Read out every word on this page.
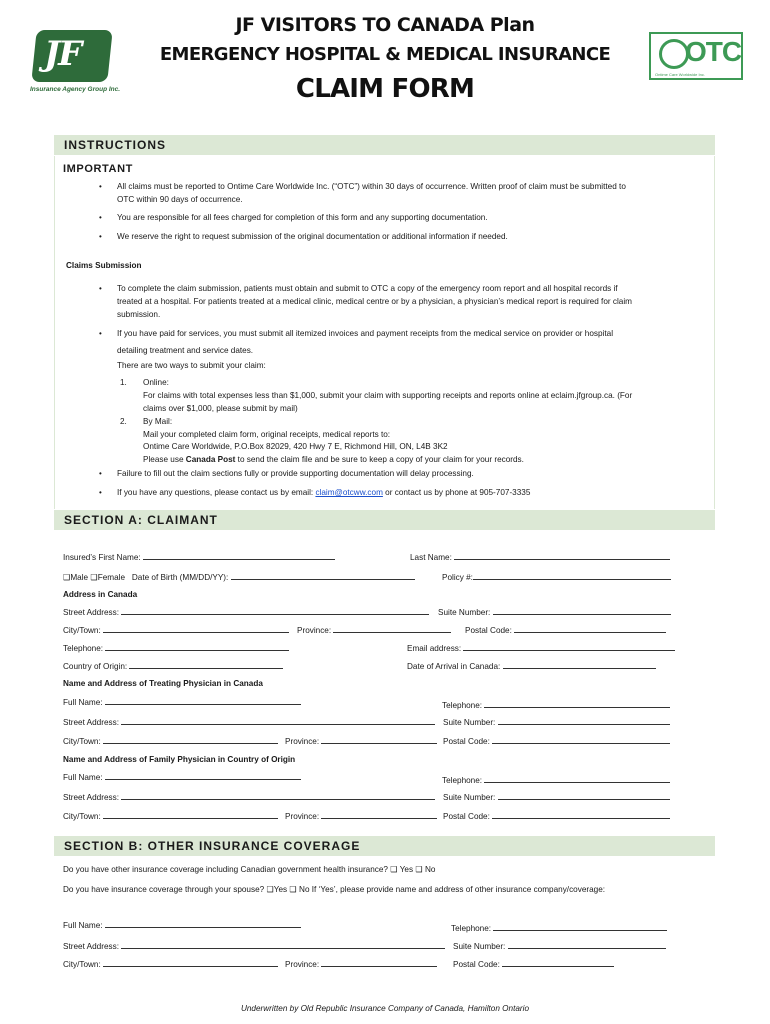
JF
Insurance Agency Group Inc.
JF VISITORS TO CANADA Plan
EMERGENCY HOSPITAL & MEDICAL INSURANCE
CLAIM FORM
OTC
Ontime Care Worldwide Inc.
INSTRUCTIONS
IMPORTANT
• All claims must be reported to Ontime Care Worldwide Inc. (“OTC”) within 30 days of occurrence. Written proof of claim must be submitted to
OTC within 90 days of occurrence.
• You are responsible for all fees charged for completion of this form and any supporting documentation.
• We reserve the right to request submission of the original documentation or additional information if needed.
Claims Submission
• To complete the claim submission, patients must obtain and submit to OTC a copy of the emergency room report and all hospital records if
treated at a hospital. For patients treated at a medical clinic, medical centre or by a physician, a physician’s medical report is required for claim
submission.
• If you have paid for services, you must submit all itemized invoices and payment receipts from the medical service on provider or hospital
detailing treatment and service dates.
There are two ways to submit your claim:
1. Online:
For claims with total expenses less than $1,000, submit your claim with supporting receipts and reports online at eclaim.jfgroup.ca. (For
claims over $1,000, please submit by mail)
2. By Mail:
Mail your completed claim form, original receipts, medical reports to:
Ontime Care Worldwide, P.O.Box 82029, 420 Hwy 7 E, Richmond Hill, ON, L4B 3K2
Please use Canada Post to send the claim file and be sure to keep a copy of your claim for your records.
• Failure to fill out the claim sections fully or provide supporting documentation will delay processing.
• If you have any questions, please contact us by email: claim@otcww.com or contact us by phone at 905-707-3335
SECTION A: CLAIMANT
Insured’s First Name:	Last Name:
❑Male ❑Female Date of Birth (MM/DD/YY):	Policy #:
Address in Canada
Street Address:	Suite Number:
City/Town:	Province:	Postal Code:
Telephone:	Email address:
Country of Origin:	Date of Arrival in Canada:
Name and Address of Treating Physician in Canada
Full Name:	Telephone:
Street Address:	Suite Number:
City/Town:	Province:	Postal Code:
Name and Address of Family Physician in Country of Origin
Full Name:	Telephone:
Street Address:	Suite Number:
City/Town:	Province:	Postal Code:
SECTION B: OTHER INSURANCE COVERAGE
Do you have other insurance coverage including Canadian government health insurance? ❑ Yes ❑ No
Do you have insurance coverage through your spouse? ❑Yes ❑ No If ‘Yes’, please provide name and address of other insurance company/coverage:
Full Name:	Telephone:
Street Address:	Suite Number:
City/Town:	Province:	Postal Code:
Underwritten by Old Republic Insurance Company of Canada, Hamilton Ontario
